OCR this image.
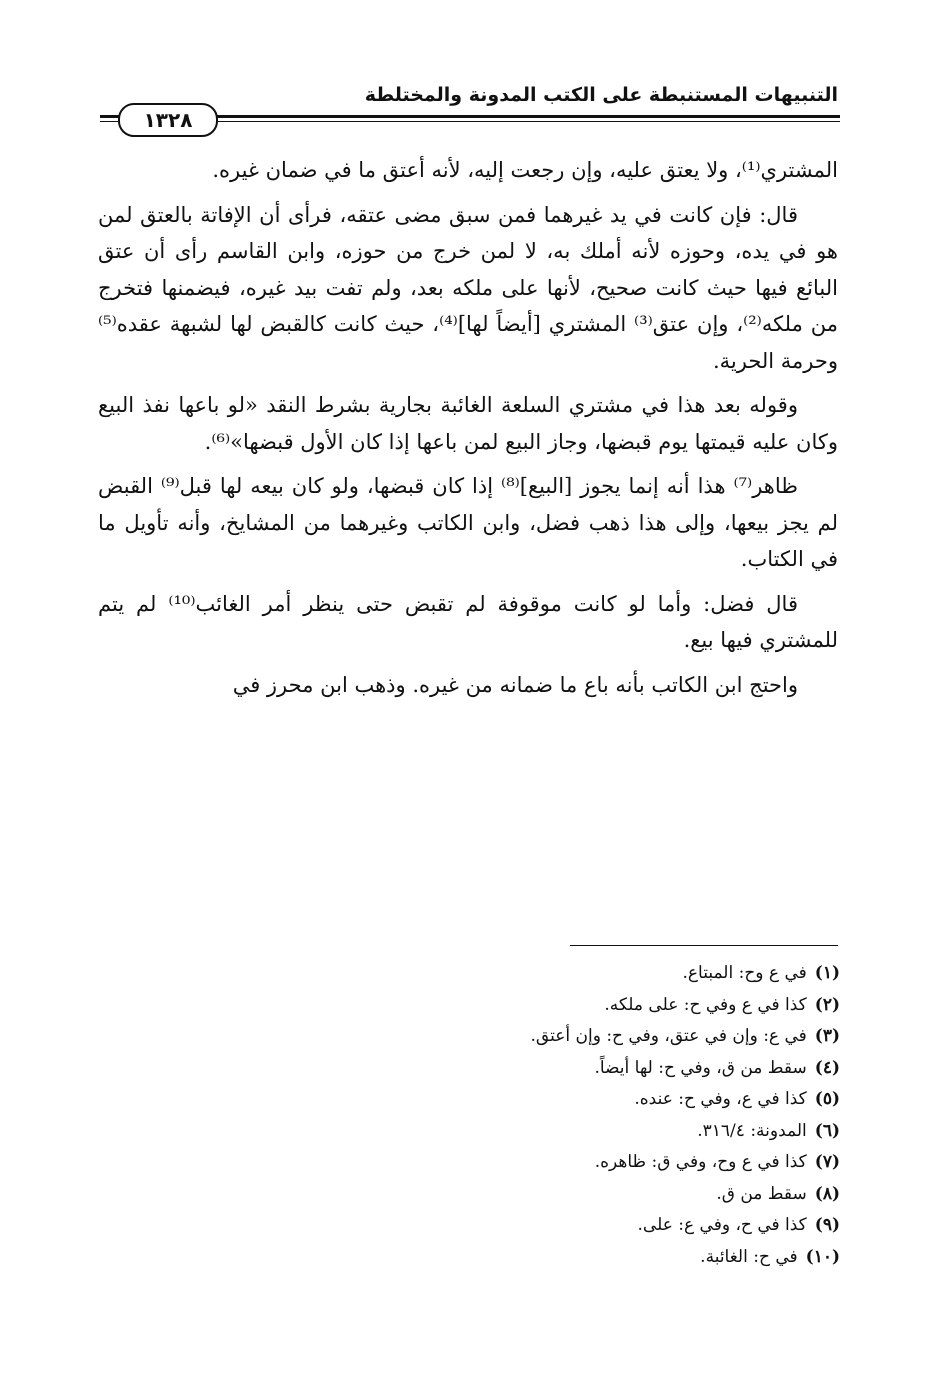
التنبيهات المستنبطة على الكتب المدونة والمختلطة
١٣٢٨

المشتري⁽¹⁾، ولا يعتق عليه، وإن رجعت إليه، لأنه أعتق ما في ضمان غيره.

قال: فإن كانت في يد غيرهما فمن سبق مضى عتقه، فرأى أن الإفاتة بالعتق لمن هو في يده، وحوزه لأنه أملك به، لا لمن خرج من حوزه، وابن القاسم رأى أن عتق البائع فيها حيث كانت صحيح، لأنها على ملكه بعد، ولم تفت بيد غيره، فيضمنها فتخرج من ملكه⁽²⁾، وإن عتق⁽³⁾ المشتري [أيضاً لها]⁽⁴⁾، حيث كانت كالقبض لها لشبهة عقده⁽⁵⁾ وحرمة الحرية.

وقوله بعد هذا في مشتري السلعة الغائبة بجارية بشرط النقد «لو باعها نفذ البيع وكان عليه قيمتها يوم قبضها، وجاز البيع لمن باعها إذا كان الأول قبضها»⁽⁶⁾.

ظاهر⁽⁷⁾ هذا أنه إنما يجوز [البيع]⁽⁸⁾ إذا كان قبضها، ولو كان بيعه لها قبل⁽⁹⁾ القبض لم يجز بيعها، وإلى هذا ذهب فضل، وابن الكاتب وغيرهما من المشايخ، وأنه تأويل ما في الكتاب.

قال فضل: وأما لو كانت موقوفة لم تقبض حتى ينظر أمر الغائب⁽¹⁰⁾ لم يتم للمشتري فيها بيع.

واحتج ابن الكاتب بأنه باع ما ضمانه من غيره. وذهب ابن محرز في

(١)في ع وح: المبتاع.
(٢)كذا في ع وفي ح: على ملكه.
(٣)في ع: وإن في عتق، وفي ح: وإن أعتق.
(٤)سقط من ق، وفي ح: لها أيضاً.
(٥)كذا في ع، وفي ح: عنده.
(٦)المدونة: ٣١٦/٤.
(٧)كذا في ع وح، وفي ق: ظاهره.
(٨)سقط من ق.
(٩)كذا في ح، وفي ع: على.
(١٠)في ح: الغائبة.
